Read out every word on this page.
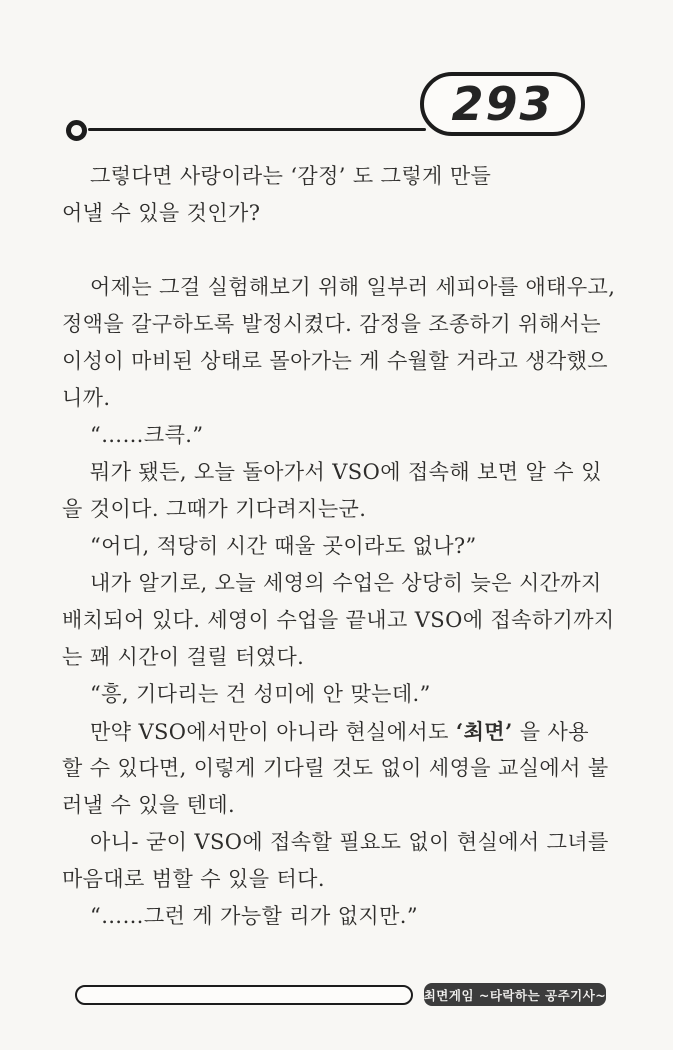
293
그렇다면 사랑이라는 ‘감정’ 도 그렇게 만들
어낼 수 있을 것인가?
어제는 그걸 실험해보기 위해 일부러 세피아를 애태우고,
정액을 갈구하도록 발정시켰다. 감정을 조종하기 위해서는
이성이 마비된 상태로 몰아가는 게 수월할 거라고 생각했으
니까.
“……크큭.”
뭐가 됐든, 오늘 돌아가서 VSO에 접속해 보면 알 수 있
을 것이다. 그때가 기다려지는군.
“어디, 적당히 시간 때울 곳이라도 없나?”
내가 알기로, 오늘 세영의 수업은 상당히 늦은 시간까지
배치되어 있다. 세영이 수업을 끝내고 VSO에 접속하기까지
는 꽤 시간이 걸릴 터였다.
“흥, 기다리는 건 성미에 안 맞는데.”
만약 VSO에서만이 아니라 현실에서도 ‘최면’ 을 사용
할 수 있다면, 이렇게 기다릴 것도 없이 세영을 교실에서 불
러낼 수 있을 텐데.
아니- 굳이 VSO에 접속할 필요도 없이 현실에서 그녀를
마음대로 범할 수 있을 터다.
“……그런 게 가능할 리가 없지만.”
최면게임 ~타락하는 공주기사~
